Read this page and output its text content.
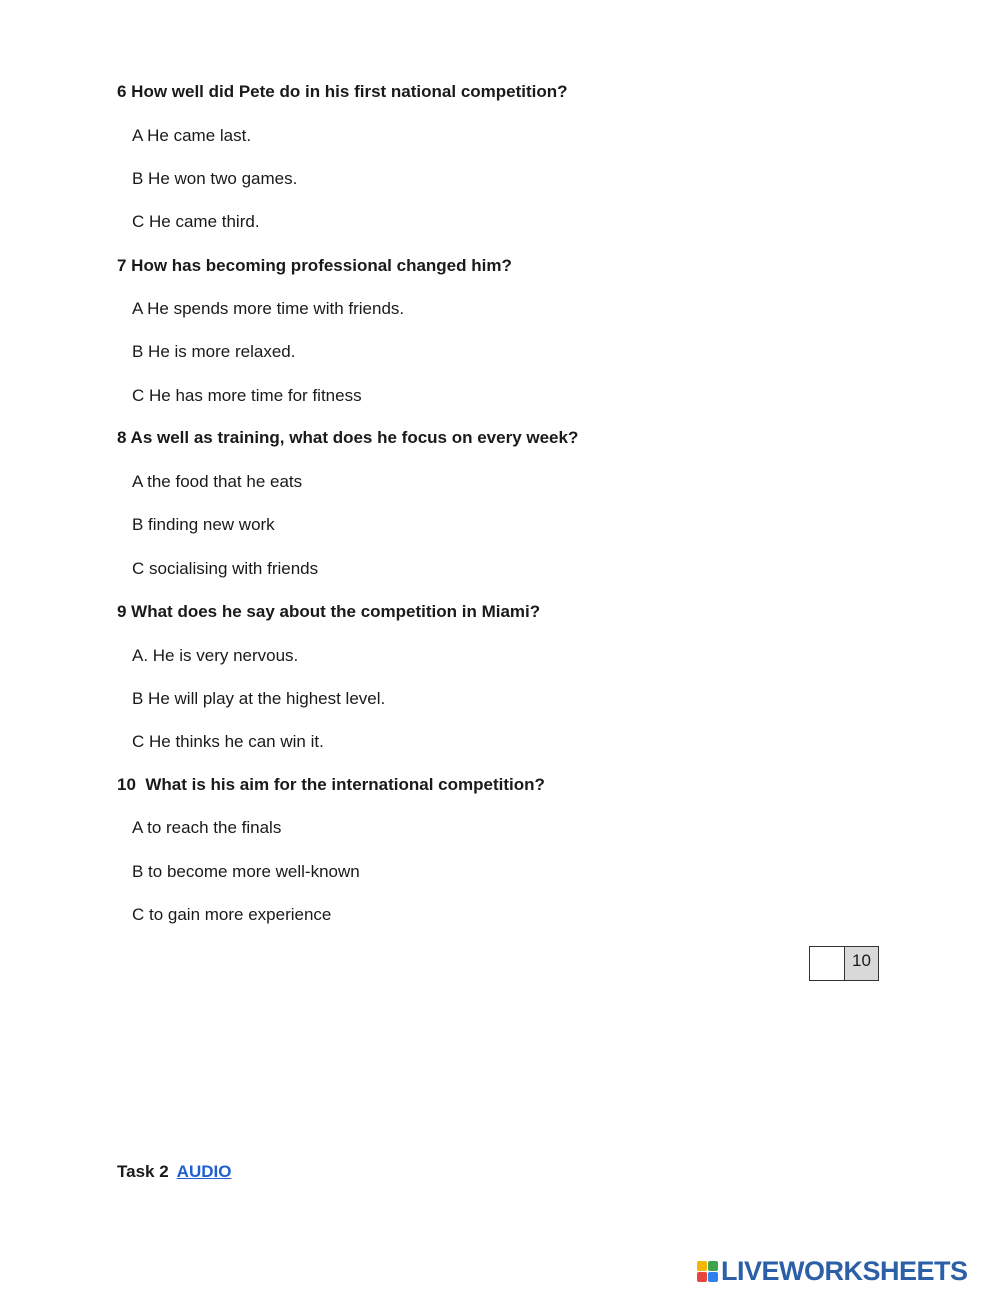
6 How well did Pete do in his first national competition?
A He came last.
B He won two games.
C He came third.
7 How has becoming professional changed him?
A He spends more time with friends.
B He is more relaxed.
C He has more time for fitness
8 As well as training, what does he focus on every week?
A the food that he eats
B finding new work
C socialising with friends
9 What does he say about the competition in Miami?
A. He is very nervous.
B He will play at the highest level.
C He thinks he can win it.
10  What is his aim for the international competition?
A to reach the finals
B to become more well-known
C to gain more experience
10
Task 2 AUDIO
LIVEWORKSHEETS
